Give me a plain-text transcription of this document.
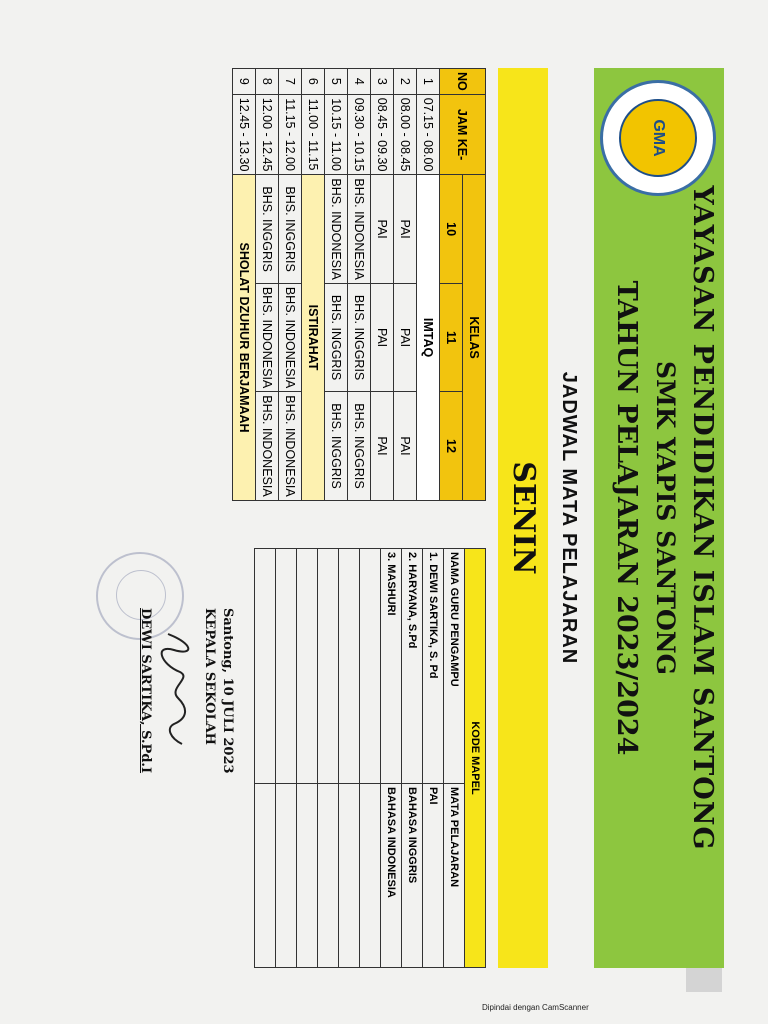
GMA
YAYASAN PENDIDIKAN ISLAM SANTONG
SMK YAPIS SANTONG
TAHUN PELAJARAN 2023/2024
JADWAL MATA PELAJARAN
SENIN
NO	JAM KE-	KELAS		
		10	11	12
1	07.15 - 08.00	IMTAQ		
2	08.00 - 08.45	PAI	PAI	PAI
3	08.45 - 09.30	PAI	PAI	PAI
4	09.30 - 10.15	BHS. INDONESIA	BHS. INGGRIS	BHS. INGGRIS
5	10.15 - 11.00	BHS. INDONESIA	BHS. INGGRIS	BHS. INGGRIS
6	11.00 - 11.15	ISTIRAHAT		
7	11.15 - 12.00	BHS. INGGRIS	BHS. INDONESIA	BHS. INDONESIA
8	12.00 - 12.45	BHS. INGGRIS	BHS. INDONESIA	BHS. INDONESIA
9	12.45 - 13.30	SHOLAT DZUHUR BERJAMAAH		
KODE MAPEL	
NAMA GURU PENGAMPU	MATA PELAJARAN
1. DEWI SARTIKA, S. Pd	PAI
2. HARYANA, S.Pd	BAHASA INGGRIS
3. MASHURI	BAHASA INDONESIA

Santong, 10 JULI 2023
KEPALA SEKOLAH
DEWI SARTIKA, S.Pd.I
Dipindai dengan CamScanner
